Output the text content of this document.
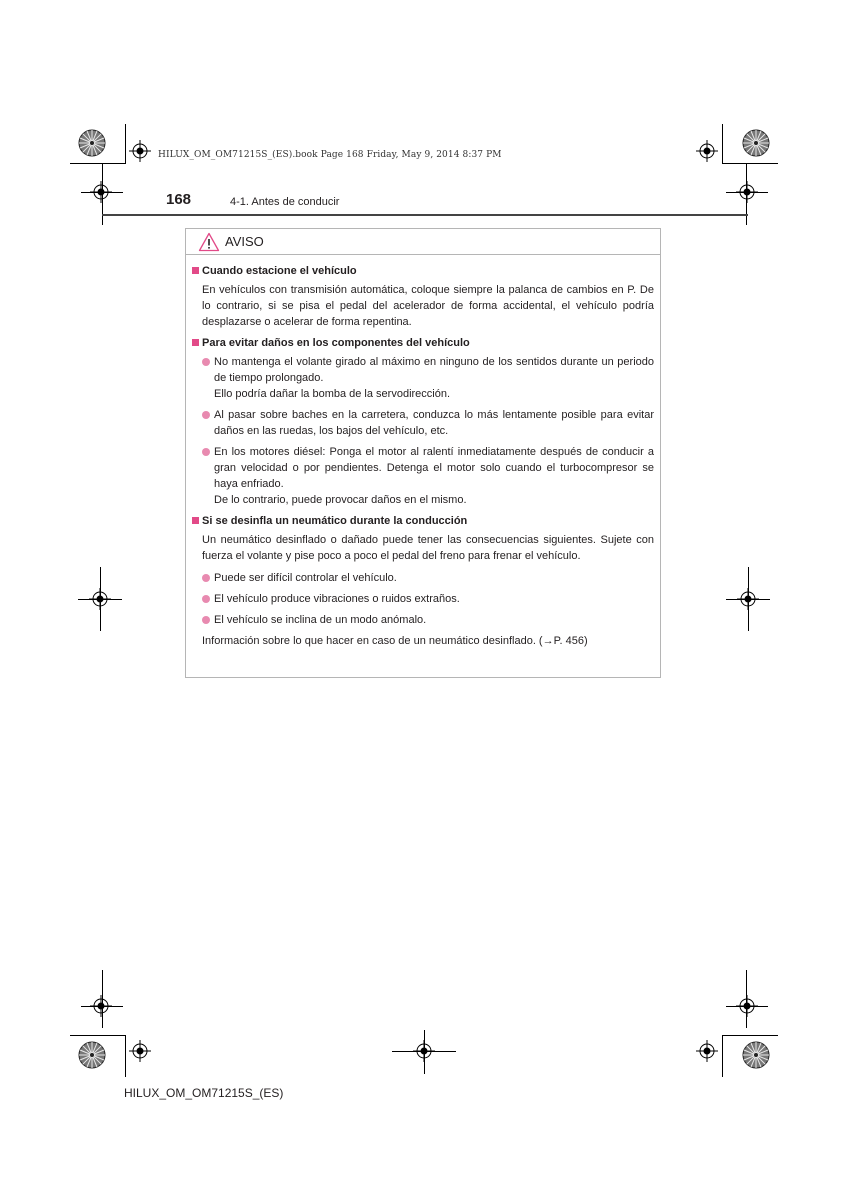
HILUX_OM_OM71215S_(ES).book Page 168 Friday, May 9, 2014 8:37 PM
168	4-1. Antes de conducir
AVISO
Cuando estacione el vehículo
En vehículos con transmisión automática, coloque siempre la palanca de cambios en P. De lo contrario, si se pisa el pedal del acelerador de forma accidental, el vehículo podría desplazarse o acelerar de forma repentina.
Para evitar daños en los componentes del vehículo
No mantenga el volante girado al máximo en ninguno de los sentidos durante un periodo de tiempo prolongado.
Ello podría dañar la bomba de la servodirección.
Al pasar sobre baches en la carretera, conduzca lo más lentamente posible para evitar daños en las ruedas, los bajos del vehículo, etc.
En los motores diésel: Ponga el motor al ralentí inmediatamente después de conducir a gran velocidad o por pendientes. Detenga el motor solo cuando el turbocompresor se haya enfriado.
De lo contrario, puede provocar daños en el mismo.
Si se desinfla un neumático durante la conducción
Un neumático desinflado o dañado puede tener las consecuencias siguientes. Sujete con fuerza el volante y pise poco a poco el pedal del freno para frenar el vehículo.
Puede ser difícil controlar el vehículo.
El vehículo produce vibraciones o ruidos extraños.
El vehículo se inclina de un modo anómalo.
Información sobre lo que hacer en caso de un neumático desinflado. (→P. 456)
HILUX_OM_OM71215S_(ES)
